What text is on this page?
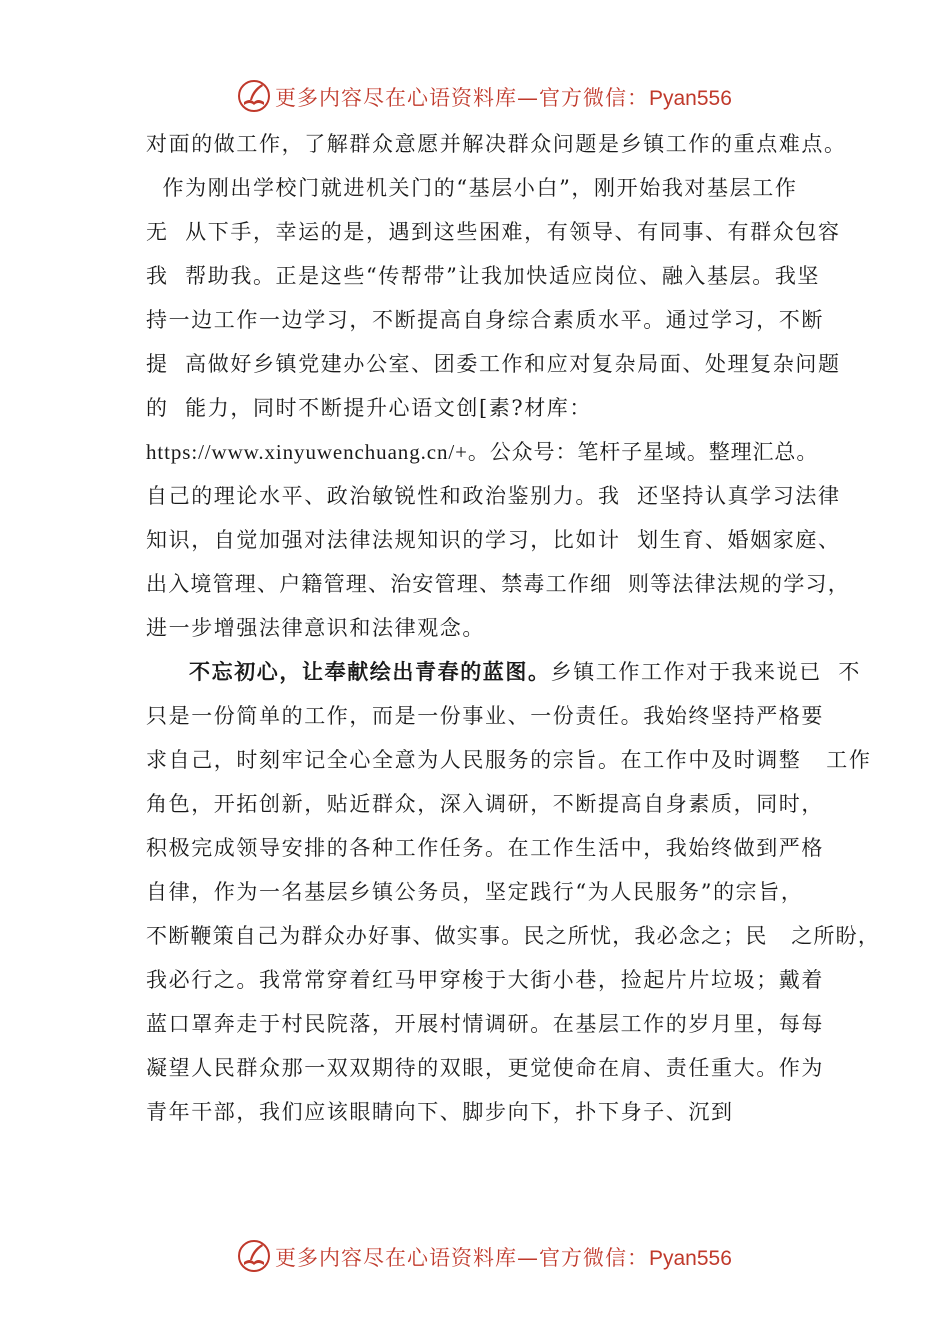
更多内容尽在心语资料库—官方微信：Pyan556
对面的做工作，了解群众意愿并解决群众问题是乡镇工作的重点难点。
作为刚出学校门就进机关门的“基层小白”，刚开始我对基层工作
无  从下手，幸运的是，遇到这些困难，有领导、有同事、有群众包容
我  帮助我。正是这些“传帮带”让我加快适应岗位、融入基层。我坚
持一边工作一边学习，不断提高自身综合素质水平。通过学习，不断
提  高做好乡镇党建办公室、团委工作和应对复杂局面、处理复杂问题
的  能力，同时不断提升心语文创[素?材库：
https://www.xinyuwenchuang.cn/+。公众号：笔杆子星域。整理汇总。
自己的理论水平、政治敏锐性和政治鉴别力。我  还坚持认真学习法律
知识，自觉加强对法律法规知识的学习，比如计  划生育、婚姻家庭、
出入境管理、户籍管理、治安管理、禁毒工作细  则等法律法规的学习，
进一步增强法律意识和法律观念。
不忘初心，让奉献绘出青春的蓝图。乡镇工作工作对于我来说已  不
只是一份简单的工作，而是一份事业、一份责任。我始终坚持严格要
求自己，时刻牢记全心全意为人民服务的宗旨。在工作中及时调整   工作
角色，开拓创新，贴近群众，深入调研，不断提高自身素质，同时，
积极完成领导安排的各种工作任务。在工作生活中，我始终做到严格
自律，作为一名基层乡镇公务员，坚定践行“为人民服务”的宗旨，
不断鞭策自己为群众办好事、做实事。民之所忧，我必念之；民   之所盼，
我必行之。我常常穿着红马甲穿梭于大街小巷，捡起片片垃圾；戴着
蓝口罩奔走于村民院落，开展村情调研。在基层工作的岁月里，每每
凝望人民群众那一双双期待的双眼，更觉使命在肩、责任重大。作为
青年干部，我们应该眼睛向下、脚步向下，扑下身子、沉到
更多内容尽在心语资料库—官方微信：Pyan556
